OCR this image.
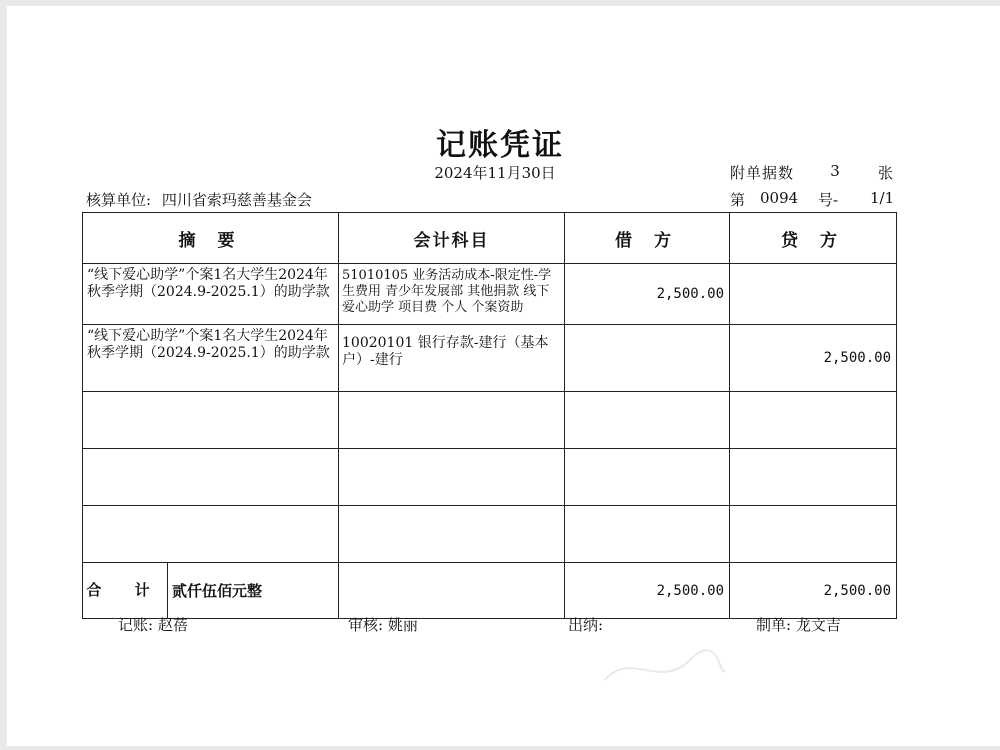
记账凭证
2024年11月30日	附单据数	3	张
核算单位: 四川省索玛慈善基金会	第 0094 号- 1/1
摘 要	会计科目	借 方	贷 方
“线下爱心助学”个案1名大学生2024年秋季学期（2024.9-2025.1）的助学款	51010105 业务活动成本-限定性-学生费用 青少年发展部 其他捐款 线下爱心助学 项目费 个人 个案资助	2,500.00	
“线下爱心助学”个案1名大学生2024年秋季学期（2024.9-2025.1）的助学款	10020101 银行存款-建行（基本户）-建行		2,500.00

合 计 贰仟伍佰元整		2,500.00	2,500.00
记账: 赵蓓	审核: 姚丽	出纳:	制单: 龙文吉
